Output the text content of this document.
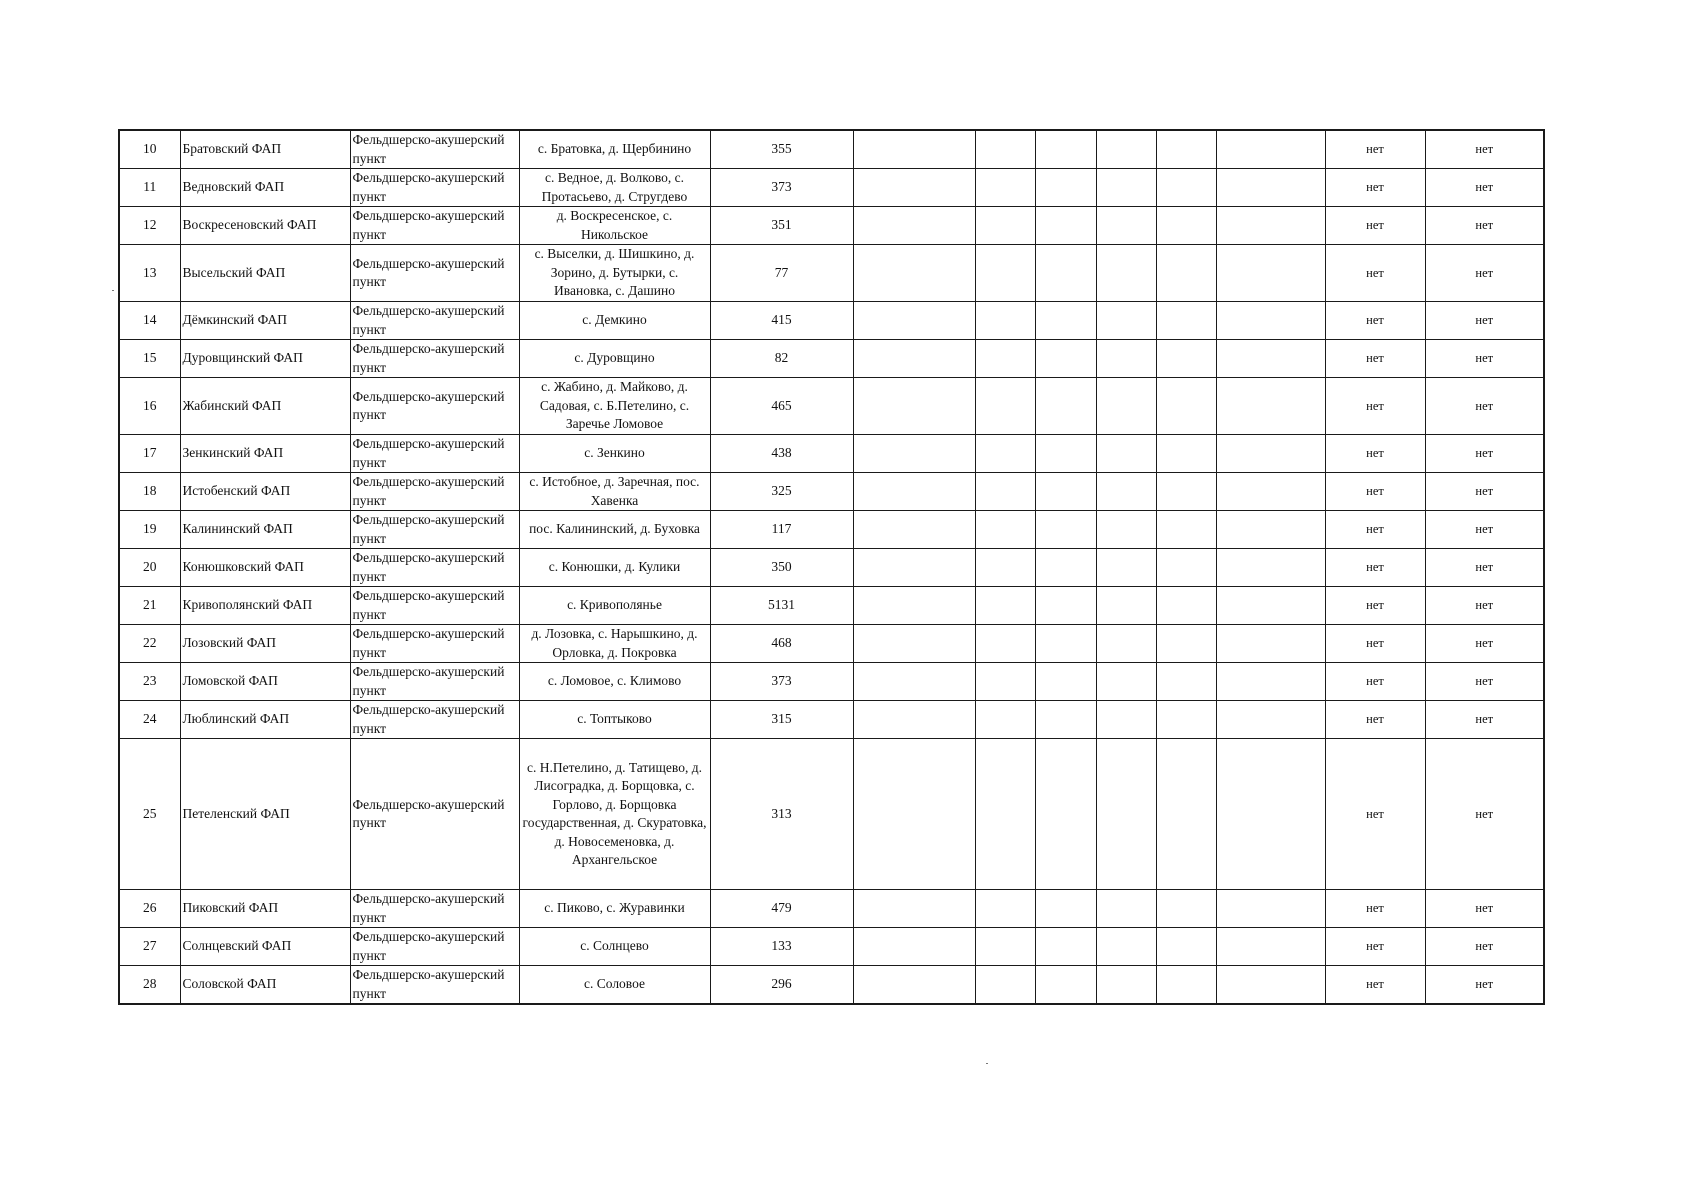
10	Братовский ФАП	Фельдшерско-акушерский пункт	с. Братовка, д. Щербинино	355							нет	нет
11	Ведновский ФАП	Фельдшерско-акушерский пункт	с. Ведное, д. Волково, с. Протасьево, д. Стругдево	373							нет	нет
12	Воскресеновский ФАП	Фельдшерско-акушерский пункт	д. Воскресенское, с. Никольское	351							нет	нет
13	Высельский ФАП	Фельдшерско-акушерский пункт	с. Выселки, д. Шишкино, д. Зорино, д. Бутырки, с. Ивановка, с. Дашино	77							нет	нет
14	Дёмкинский ФАП	Фельдшерско-акушерский пункт	с. Демкино	415							нет	нет
15	Дуровщинский ФАП	Фельдшерско-акушерский пункт	с. Дуровщино	82							нет	нет
16	Жабинский ФАП	Фельдшерско-акушерский пункт	с. Жабино, д. Майково, д. Садовая, с. Б.Петелино, с. Заречье Ломовое	465							нет	нет
17	Зенкинский ФАП	Фельдшерско-акушерский пункт	с. Зенкино	438							нет	нет
18	Истобенский ФАП	Фельдшерско-акушерский пункт	с. Истобное, д. Заречная, пос. Хавенка	325							нет	нет
19	Калининский ФАП	Фельдшерско-акушерский пункт	пос. Калининский, д. Буховка	117							нет	нет
20	Конюшковский ФАП	Фельдшерско-акушерский пункт	с. Конюшки, д. Кулики	350							нет	нет
21	Кривополянский ФАП	Фельдшерско-акушерский пункт	с. Кривополянье	5131							нет	нет
22	Лозовский ФАП	Фельдшерско-акушерский пункт	д. Лозовка, с. Нарышкино, д. Орловка, д. Покровка	468							нет	нет
23	Ломовской ФАП	Фельдшерско-акушерский пункт	с. Ломовое, с. Климово	373							нет	нет
24	Люблинский ФАП	Фельдшерско-акушерский пункт	с. Топтыково	315							нет	нет
25	Петеленский ФАП	Фельдшерско-акушерский пункт	с. Н.Петелино, д. Татищево, д. Лисоградка, д. Борщовка, с. Горлово, д. Борщовка государственная, д. Скуратовка, д. Новосеменовка, д. Архангельское	313							нет	нет
26	Пиковский ФАП	Фельдшерско-акушерский пункт	с. Пиково, с. Журавинки	479							нет	нет
27	Солнцевский ФАП	Фельдшерско-акушерский пункт	с. Солнцево	133							нет	нет
28	Соловской ФАП	Фельдшерско-акушерский пункт	с. Соловое	296							нет	нет
